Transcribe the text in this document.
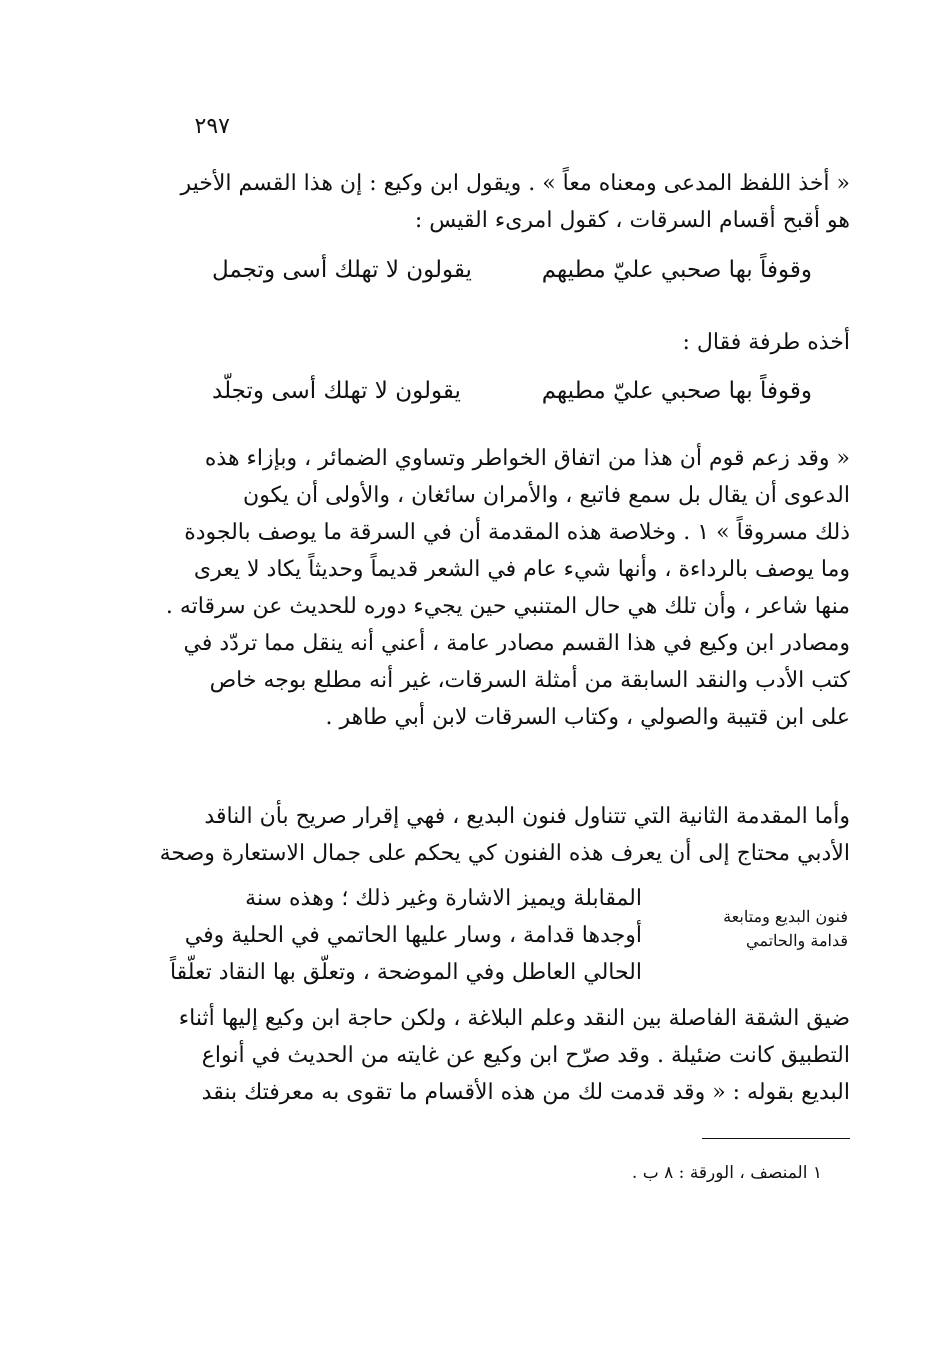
٢٩٧
« أخذ اللفظ المدعى ومعناه معاً » . ويقول ابن وكيع : إن هذا القسم الأخير
هو أقبح أقسام السرقات ، كقول امرىء القيس :
وقوفاً بها صحبي عليّ مطيهم
يقولون لا تهلك أسى وتجمل
أخذه طرفة فقال :
وقوفاً بها صحبي عليّ مطيهم
يقولون لا تهلك أسى وتجلّد
« وقد زعم قوم أن هذا من اتفاق الخواطر وتساوي الضمائر ، وبإزاء هذه
الدعوى أن يقال بل سمع فاتبع ، والأمران سائغان ، والأولى أن يكون
ذلك مسروقاً » ١ . وخلاصة هذه المقدمة أن في السرقة ما يوصف بالجودة
وما يوصف بالرداءة ، وأنها شيء عام في الشعر قديماً وحديثاً يكاد لا يعرى
منها شاعر ، وأن تلك هي حال المتنبي حين يجيء دوره للحديث عن سرقاته .
ومصادر ابن وكيع في هذا القسم مصادر عامة ، أعني أنه ينقل مما تردّد في
كتب الأدب والنقد السابقة من أمثلة السرقات، غير أنه مطلع بوجه خاص
على ابن قتيبة والصولي ، وكتاب السرقات لابن أبي طاهر .
وأما المقدمة الثانية التي تتناول فنون البديع ، فهي إقرار صريح بأن الناقد
الأدبي محتاج إلى أن يعرف هذه الفنون كي يحكم على جمال الاستعارة وصحة
المقابلة ويميز الاشارة وغير ذلك ؛ وهذه سنة
أوجدها قدامة ، وسار عليها الحاتمي في الحلية وفي
الحالي العاطل وفي الموضحة ، وتعلّق بها النقاد تعلّقاً
فنون البديع ومتابعة
قدامة والحاتمي
ضيق الشقة الفاصلة بين النقد وعلم البلاغة ، ولكن حاجة ابن وكيع إليها أثناء
التطبيق كانت ضئيلة . وقد صرّح ابن وكيع عن غايته من الحديث في أنواع
البديع بقوله : « وقد قدمت لك من هذه الأقسام ما تقوى به معرفتك بنقد
١ المنصف ، الورقة : ٨ ب .
